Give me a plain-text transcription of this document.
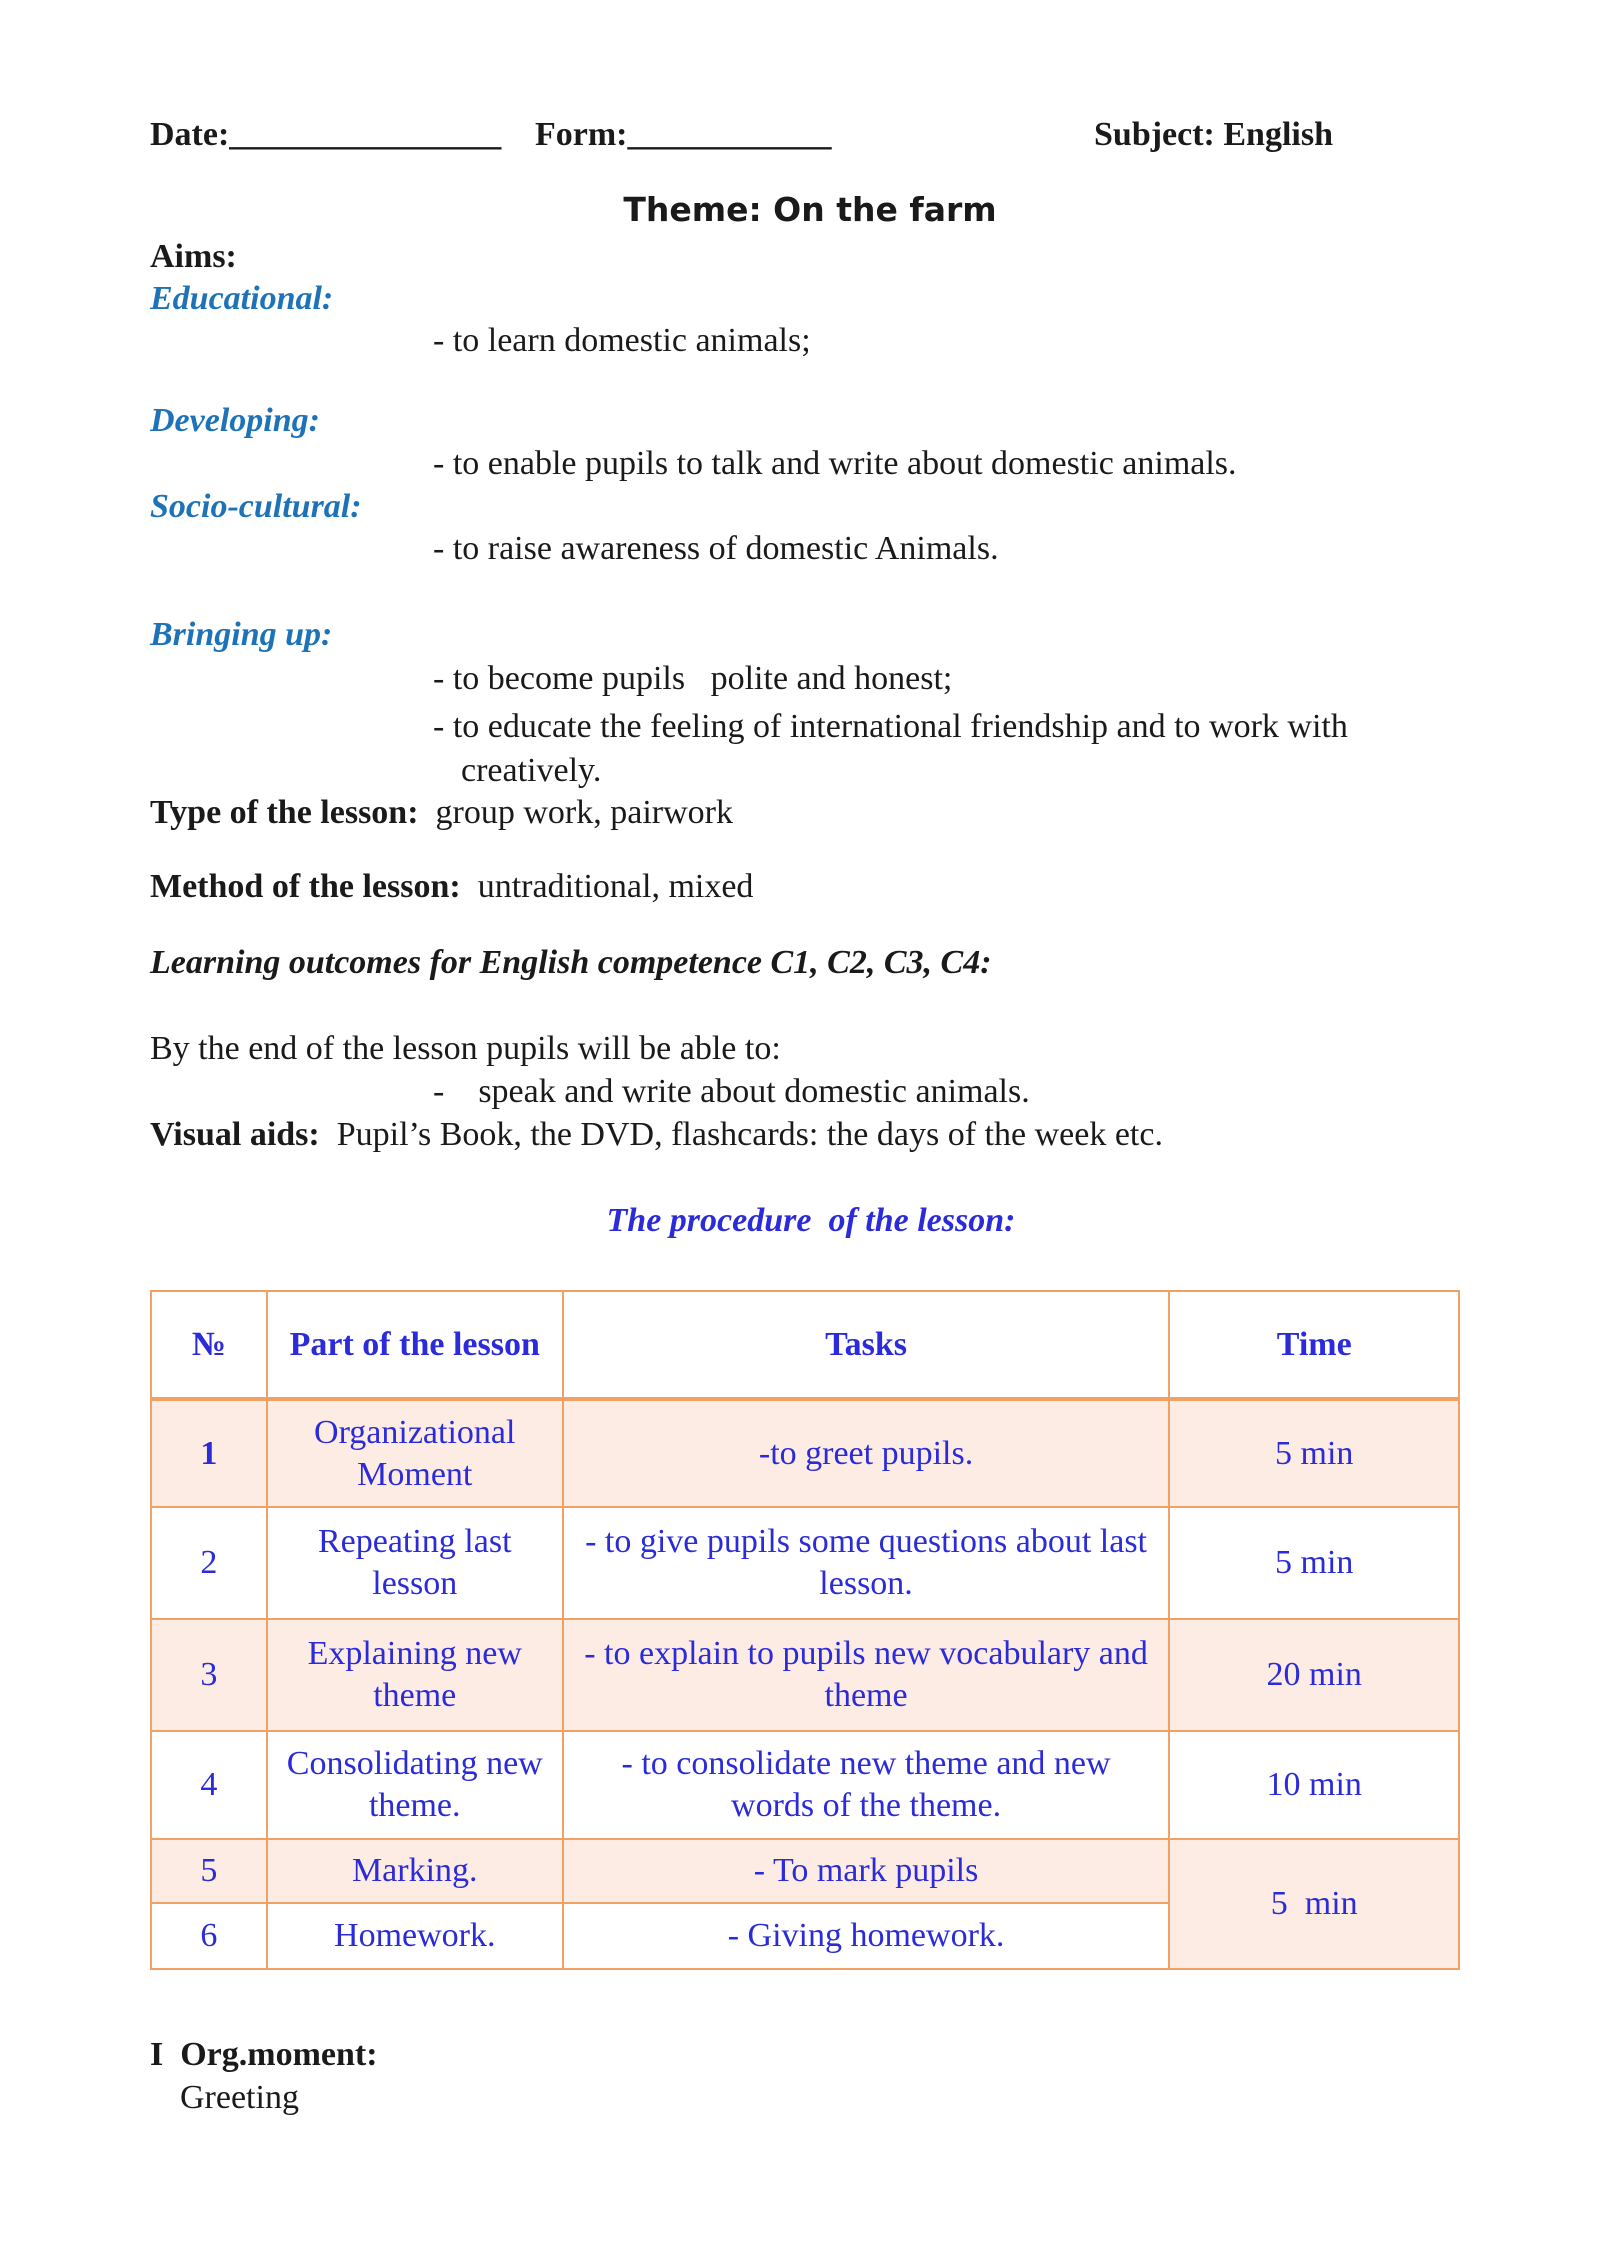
Date:________________ Form:____________	Subject: English
Theme: On the farm
Aims:
Educational:
- to learn domestic animals;
Developing:
- to enable pupils to talk and write about domestic animals.
Socio-cultural:
- to raise awareness of domestic Animals.
Bringing up:
- to become pupils   polite and honest;
- to educate the feeling of international friendship and to work with
creatively.
Type of the lesson: group work, pairwork
Method of the lesson: untraditional, mixed
Learning outcomes for English competence C1, C2, C3, C4:
By the end of the lesson pupils will be able to:
-    speak and write about domestic animals.
Visual aids: Pupil’s Book, the DVD, flashcards: the days of the week etc.
The procedure  of the lesson:
№	Part of the lesson	Tasks	Time
1	Organizational Moment	-to greet pupils.	5 min
2	Repeating last lesson	- to give pupils some questions about last lesson.	5 min
3	Explaining new theme	- to explain to pupils new vocabulary and theme	20 min
4	Consolidating new theme.	- to consolidate new theme and new words of the theme.	10 min
5	Marking.	- To mark pupils	5  min
6	Homework.	- Giving homework.	
I  Org.moment:
Greeting
